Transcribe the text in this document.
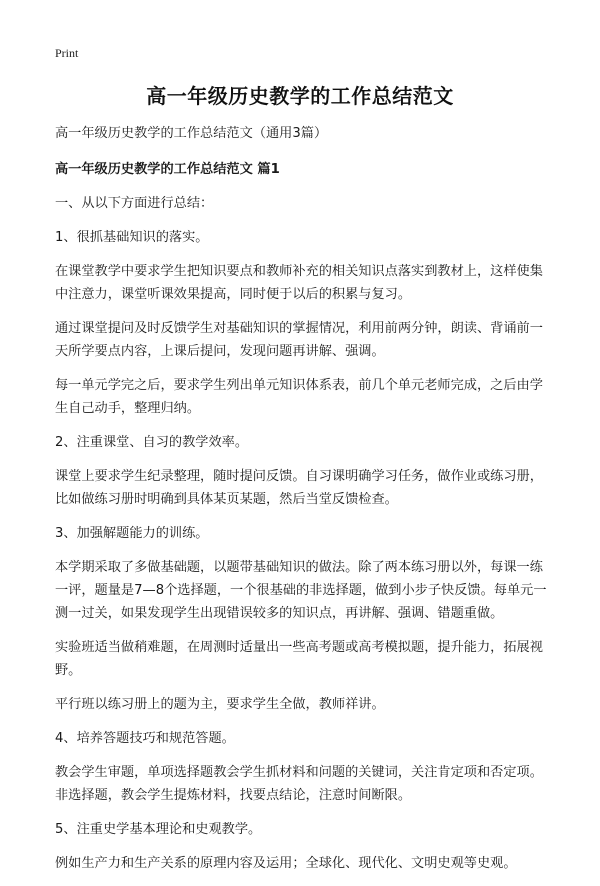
Print
高一年级历史教学的工作总结范文

高一年级历史教学的工作总结范文（通用3篇）

高一年级历史教学的工作总结范文 篇1

一、从以下方面进行总结：

1、很抓基础知识的落实。

在课堂教学中要求学生把知识要点和教师补充的相关知识点落实到教材上，这样使集中注意力，课堂听课效果提高，同时便于以后的积累与复习。

通过课堂提问及时反馈学生对基础知识的掌握情况，利用前两分钟，朗读、背诵前一天所学要点内容，上课后提问，发现问题再讲解、强调。

每一单元学完之后，要求学生列出单元知识体系表，前几个单元老师完成，之后由学生自己动手，整理归纳。

2、注重课堂、自习的教学效率。

课堂上要求学生纪录整理，随时提问反馈。自习课明确学习任务，做作业或练习册，比如做练习册时明确到具体某页某题，然后当堂反馈检查。

3、加强解题能力的训练。

本学期采取了多做基础题，以题带基础知识的做法。除了两本练习册以外，每课一练一评，题量是7—8个选择题，一个很基础的非选择题，做到小步子快反馈。每单元一测一过关，如果发现学生出现错误较多的知识点，再讲解、强调、错题重做。

实验班适当做稍难题，在周测时适量出一些高考题或高考模拟题，提升能力，拓展视野。

平行班以练习册上的题为主，要求学生全做，教师祥讲。

4、培养答题技巧和规范答题。

教会学生审题，单项选择题教会学生抓材料和问题的关键词，关注肯定项和否定项。非选择题，教会学生提炼材料，找要点结论，注意时间断限。

5、注重史学基本理论和史观教学。

例如生产力和生产关系的原理内容及运用；全球化、现代化、文明史观等史观。
